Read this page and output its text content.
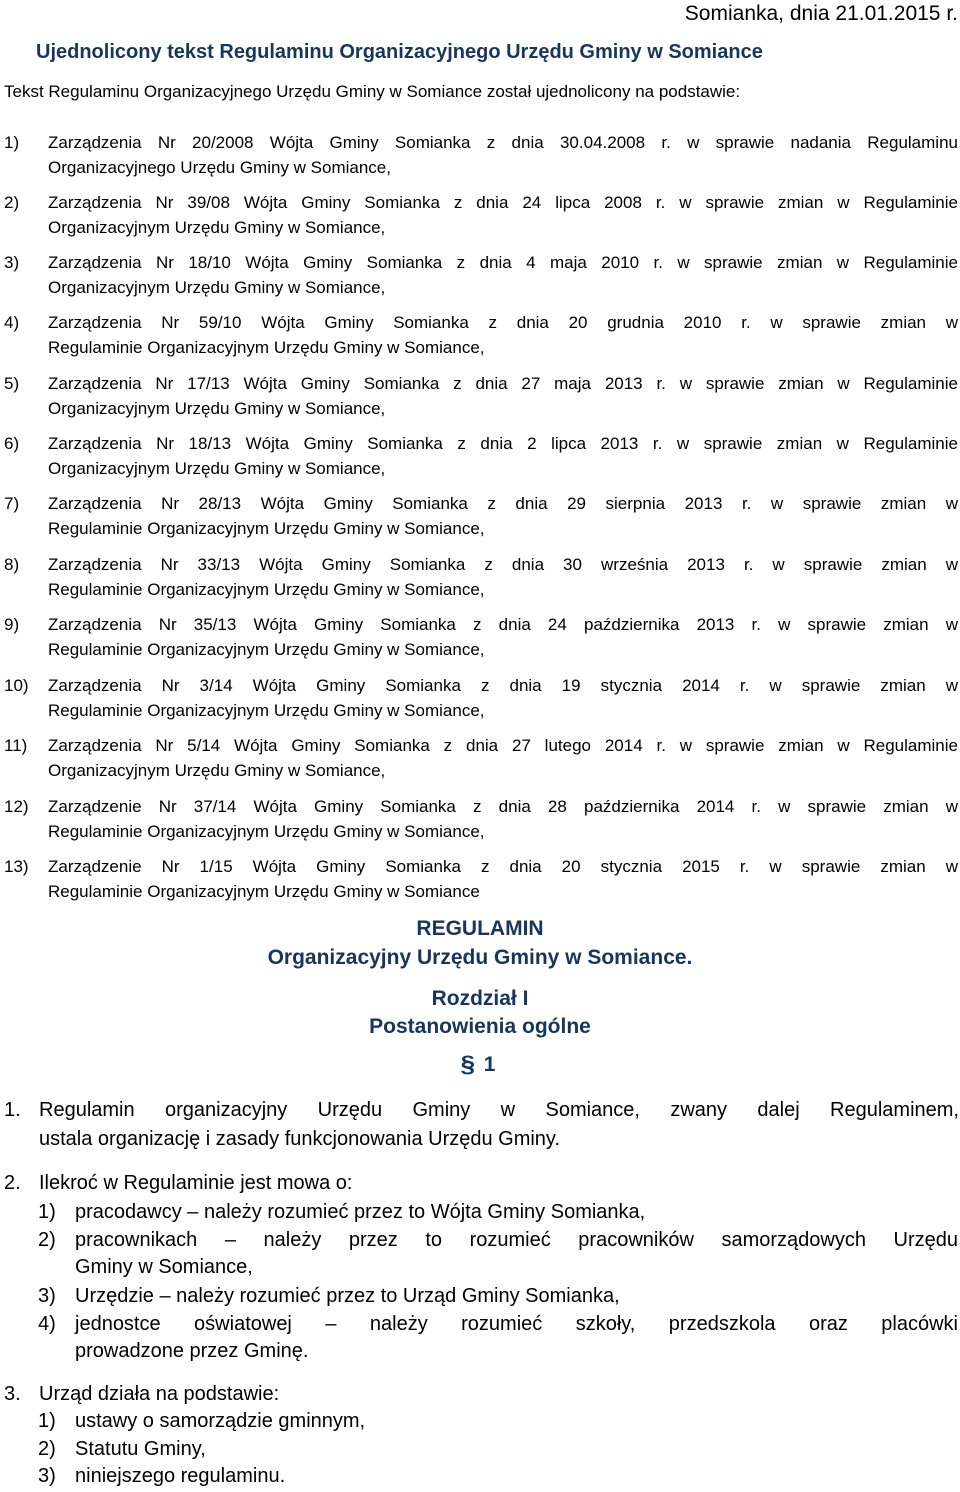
Somianka, dnia 21.01.2015 r.
Ujednolicony tekst Regulaminu Organizacyjnego Urzędu Gminy w Somiance
Tekst Regulaminu Organizacyjnego Urzędu Gminy w Somiance został ujednolicony na podstawie:
1) Zarządzenia Nr 20/2008 Wójta Gminy Somianka z dnia 30.04.2008 r. w sprawie nadania Regulaminu
Organizacyjnego Urzędu Gminy w Somiance,
2) Zarządzenia Nr 39/08 Wójta Gminy Somianka z dnia 24 lipca 2008 r. w sprawie zmian w Regulaminie
Organizacyjnym Urzędu Gminy w Somiance,
3) Zarządzenia Nr 18/10 Wójta Gminy Somianka z dnia 4 maja 2010 r. w sprawie zmian w Regulaminie
Organizacyjnym Urzędu Gminy w Somiance,
4) Zarządzenia Nr 59/10 Wójta Gminy Somianka z dnia 20 grudnia 2010 r. w sprawie zmian w
Regulaminie Organizacyjnym Urzędu Gminy w Somiance,
5) Zarządzenia Nr 17/13 Wójta Gminy Somianka z dnia 27 maja 2013 r. w sprawie zmian w Regulaminie
Organizacyjnym Urzędu Gminy w Somiance,
6) Zarządzenia Nr 18/13 Wójta Gminy Somianka z dnia 2 lipca 2013 r. w sprawie zmian w Regulaminie
Organizacyjnym Urzędu Gminy w Somiance,
7) Zarządzenia Nr 28/13 Wójta Gminy Somianka z dnia 29 sierpnia 2013 r. w sprawie zmian w
Regulaminie Organizacyjnym Urzędu Gminy w Somiance,
8) Zarządzenia Nr 33/13 Wójta Gminy Somianka z dnia 30 września 2013 r. w sprawie zmian w
Regulaminie Organizacyjnym Urzędu Gminy w Somiance,
9) Zarządzenia Nr 35/13 Wójta Gminy Somianka z dnia 24 października 2013 r. w sprawie zmian w
Regulaminie Organizacyjnym Urzędu Gminy w Somiance,
10) Zarządzenia Nr 3/14 Wójta Gminy Somianka z dnia 19 stycznia 2014 r. w sprawie zmian w
Regulaminie Organizacyjnym Urzędu Gminy w Somiance,
11) Zarządzenia Nr 5/14 Wójta Gminy Somianka z dnia 27 lutego 2014 r. w sprawie zmian w Regulaminie
Organizacyjnym Urzędu Gminy w Somiance,
12) Zarządzenie Nr 37/14 Wójta Gminy Somianka z dnia 28 października 2014 r. w sprawie zmian w
Regulaminie Organizacyjnym Urzędu Gminy w Somiance,
13) Zarządzenie Nr 1/15 Wójta Gminy Somianka z dnia 20 stycznia 2015 r. w sprawie zmian w
Regulaminie Organizacyjnym Urzędu Gminy w Somiance
REGULAMIN
Organizacyjny Urzędu Gminy w Somiance.
Rozdział I
Postanowienia ogólne
§ 1
1. Regulamin organizacyjny Urzędu Gminy w Somiance, zwany dalej Regulaminem,
ustala organizację i zasady funkcjonowania Urzędu Gminy.
2. Ilekroć w Regulaminie jest mowa o:
1) pracodawcy – należy rozumieć przez to Wójta Gminy Somianka,
2) pracownikach – należy przez to rozumieć pracowników samorządowych Urzędu
Gminy w Somiance,
3) Urzędzie – należy rozumieć przez to Urząd Gminy Somianka,
4) jednostce oświatowej – należy rozumieć szkoły, przedszkola oraz placówki
prowadzone przez Gminę.
3. Urząd działa na podstawie:
1) ustawy o samorządzie gminnym,
2) Statutu Gminy,
3) niniejszego regulaminu.
